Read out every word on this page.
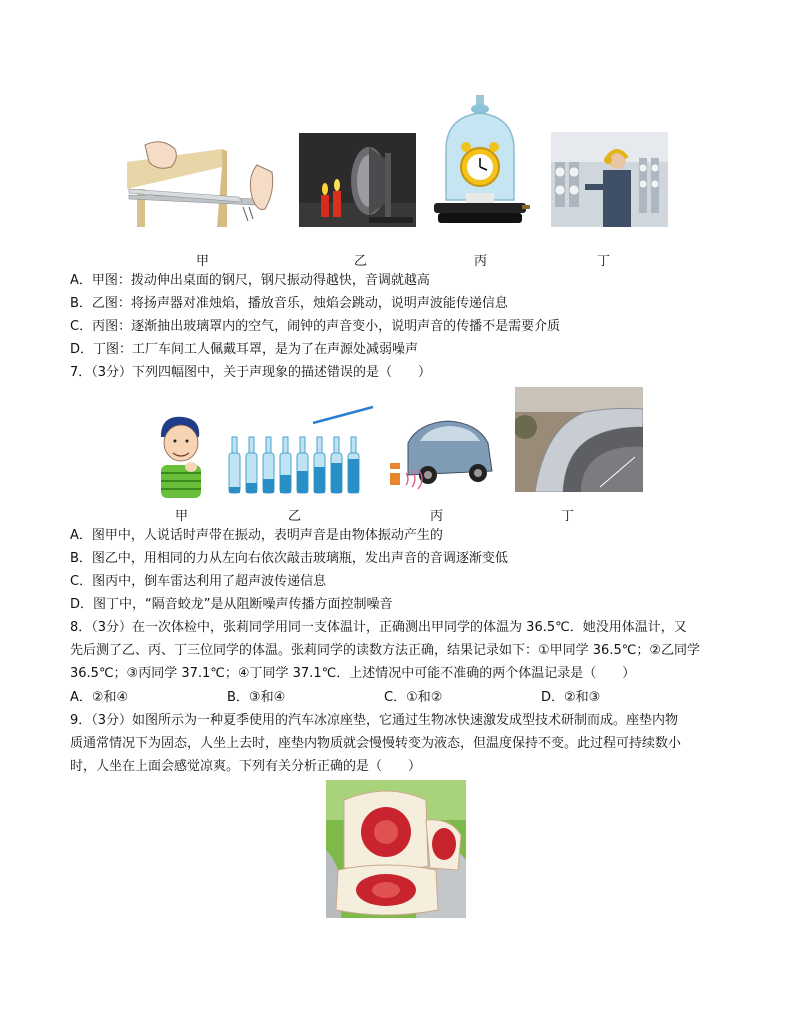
甲	乙	丙	丁
A．甲图：拨动伸出桌面的钢尺，钢尺振动得越快，音调就越高
B．乙图：将扬声器对准烛焰，播放音乐，烛焰会跳动，说明声波能传递信息
C．丙图：逐渐抽出玻璃罩内的空气，闹钟的声音变小，说明声音的传播不是需要介质
D．丁图：工厂车间工人佩戴耳罩，是为了在声源处减弱噪声
7．（3分）下列四幅图中，关于声现象的描述错误的是（　　）
甲	乙	丙	丁
A．图甲中，人说话时声带在振动，表明声音是由物体振动产生的
B．图乙中，用相同的力从左向右依次敲击玻璃瓶，发出声音的音调逐渐变低
C．图丙中，倒车雷达利用了超声波传递信息
D．图丁中，“隔音蛟龙”是从阻断噪声传播方面控制噪音
8．（3分）在一次体检中，张莉同学用同一支体温计，正确测出甲同学的体温为 36.5℃．她没用体温计，又
先后测了乙、丙、丁三位同学的体温。张莉同学的读数方法正确，结果记录如下：①甲同学 36.5℃；②乙同学
36.5℃；③丙同学 37.1℃；④丁同学 37.1℃．上述情况中可能不准确的两个体温记录是（　　）
A．②和④	B．③和④	C．①和②	D．②和③
9．（3分）如图所示为一种夏季使用的汽车冰凉座垫，它通过生物冰快速激发成型技术研制而成。座垫内物
质通常情况下为固态，人坐上去时，座垫内物质就会慢慢转变为液态，但温度保持不变。此过程可持续数小
时，人坐在上面会感觉凉爽。下列有关分析正确的是（　　）
